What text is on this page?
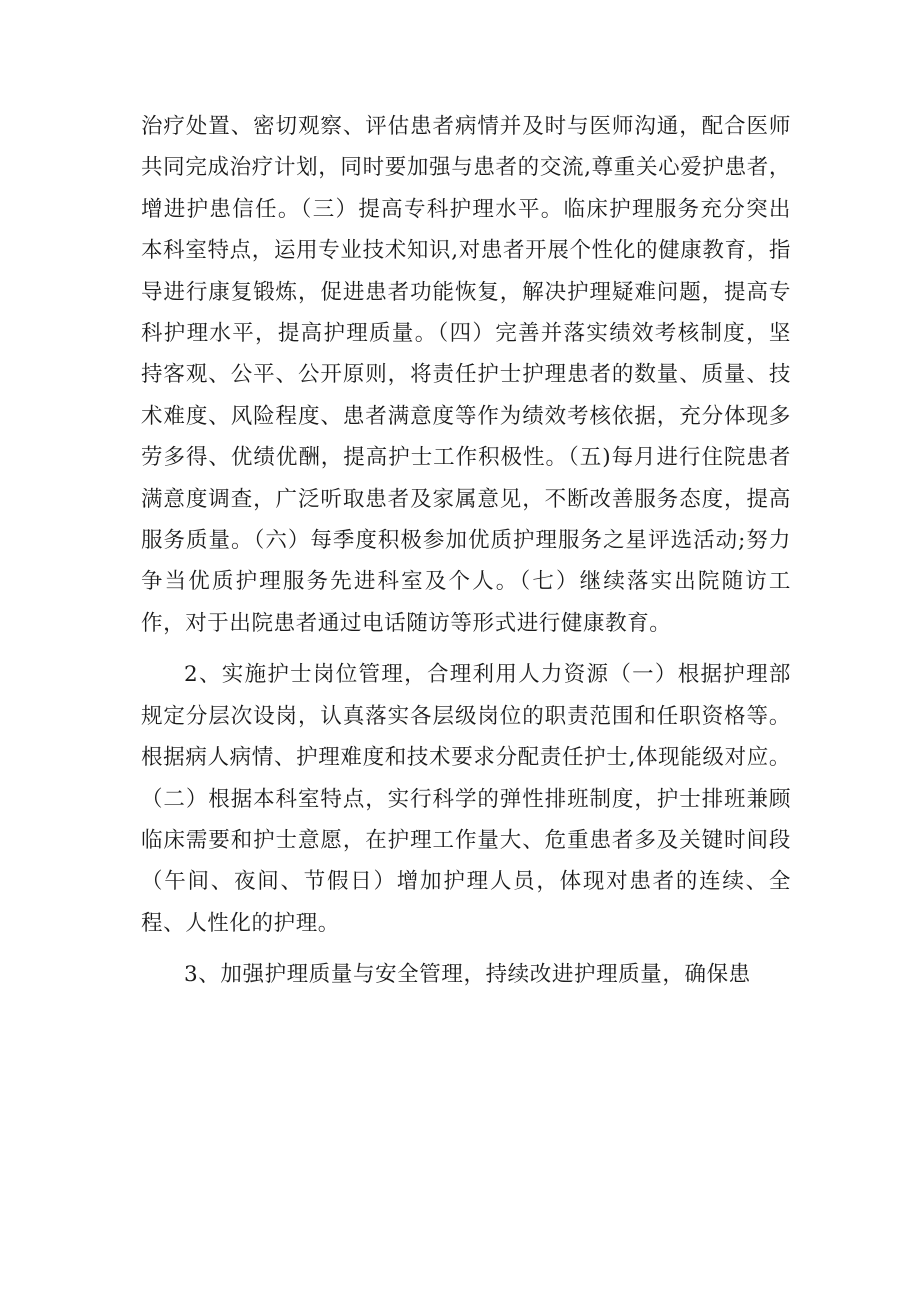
治疗处置、密切观察、评估患者病情并及时与医师沟通，配合医师共同完成治疗计划，同时要加强与患者的交流,尊重关心爱护患者，增进护患信任。（三）提高专科护理水平。临床护理服务充分突出本科室特点，运用专业技术知识,对患者开展个性化的健康教育，指导进行康复锻炼，促进患者功能恢复，解决护理疑难问题，提高专科护理水平，提高护理质量。（四）完善并落实绩效考核制度，坚持客观、公平、公开原则，将责任护士护理患者的数量、质量、技术难度、风险程度、患者满意度等作为绩效考核依据，充分体现多劳多得、优绩优酬，提高护士工作积极性。（五)每月进行住院患者满意度调查，广泛听取患者及家属意见，不断改善服务态度，提高服务质量。（六）每季度积极参加优质护理服务之星评选活动;努力争当优质护理服务先进科室及个人。（七）继续落实出院随访工作，对于出院患者通过电话随访等形式进行健康教育。

2、实施护士岗位管理，合理利用人力资源（一）根据护理部规定分层次设岗，认真落实各层级岗位的职责范围和任职资格等。根据病人病情、护理难度和技术要求分配责任护士,体现能级对应。（二）根据本科室特点，实行科学的弹性排班制度，护士排班兼顾临床需要和护士意愿，在护理工作量大、危重患者多及关键时间段（午间、夜间、节假日）增加护理人员，体现对患者的连续、全程、人性化的护理。

3、加强护理质量与安全管理，持续改进护理质量，确保患
